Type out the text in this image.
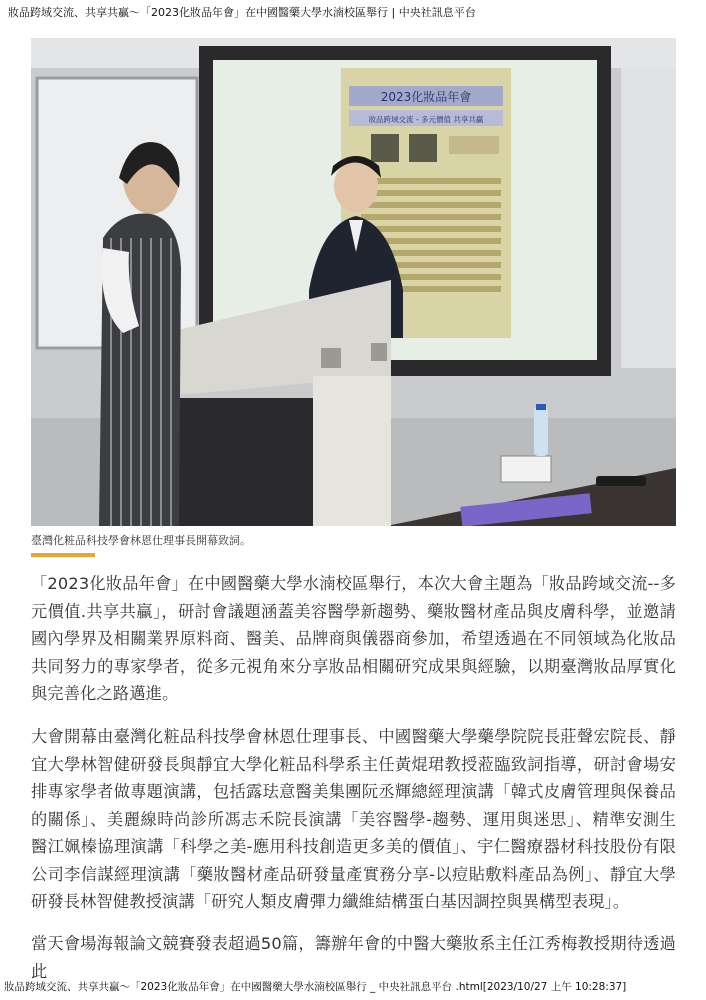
妝品跨域交流、共享共贏～「2023化妝品年會」在中國醫藥大學水湳校區舉行 | 中央社訊息平台
2023化妝品年會
妝品跨域交流 - 多元價值 共享共贏
臺灣化粧品科技學會林恩仕理事長開幕致詞。

「2023化妝品年會」在中國醫藥大學水湳校區舉行，本次大會主題為「妝品跨域交流--多元價值.共享共贏」，研討會議題涵蓋美容醫學新趨勢、藥妝醫材產品與皮膚科學，並邀請國內學界及相關業界原料商、醫美、品牌商與儀器商參加，希望透過在不同領域為化妝品共同努力的專家學者，從多元視角來分享妝品相關研究成果與經驗，以期臺灣妝品厚實化與完善化之路邁進。

大會開幕由臺灣化粧品科技學會林恩仕理事長、中國醫藥大學藥學院院長莊聲宏院長、靜宜大學林智健研發長與靜宜大學化粧品科學系主任黃焜珺教授蒞臨致詞指導，研討會場安排專家學者做專題演講，包括露珐意醫美集團阮丞輝總經理演講「韓式皮膚管理與保養品的關係」、美麗線時尚診所馮志禾院長演講「美容醫學-趨勢、運用與迷思」、精準安測生醫江姵榛協理演講「科學之美-應用科技創造更多美的價值」、宇仁醫療器材科技股份有限公司李信謀經理演講「藥妝醫材產品研發量產實務分享-以痘貼敷料產品為例」、靜宜大學研發長林智健教授演講「研究人類皮膚彈力纖維結構蛋白基因調控與異構型表現」。

當天會場海報論文競賽發表超過50篇，籌辦年會的中醫大藥妝系主任江秀梅教授期待透過此

妝品跨域交流、共享共贏～「2023化妝品年會」在中國醫藥大學水湳校區舉行 _ 中央社訊息平台 .html[2023/10/27 上午 10:28:37]
